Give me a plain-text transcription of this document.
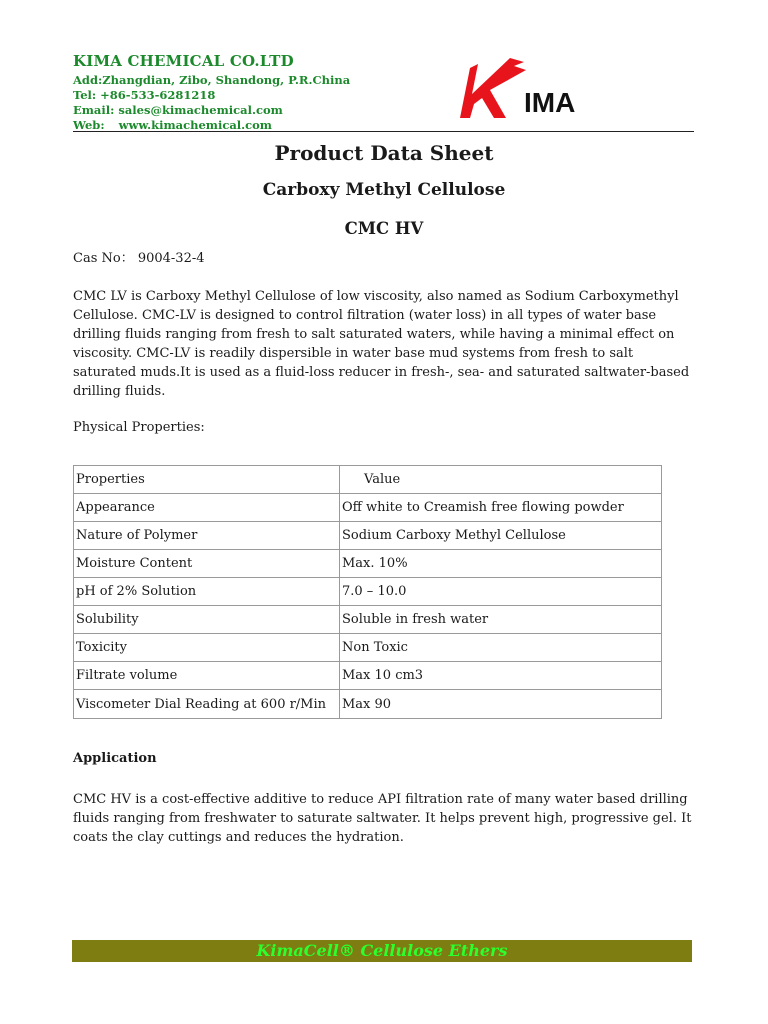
KIMA CHEMICAL CO.LTD
Add:Zhangdian, Zibo, Shandong, P.R.China
Tel: +86-533-6281218
Email: sales@kimachemical.com
Web: www.kimachemical.com
IMA
Product Data Sheet
Carboxy Methyl Cellulose
CMC HV
Cas No： 9004-32-4
CMC LV is Carboxy Methyl Cellulose of low viscosity, also named as Sodium Carboxymethyl Cellulose. CMC-LV is designed to control filtration (water loss) in all types of water base drilling fluids ranging from fresh to salt saturated waters, while having a minimal effect on viscosity. CMC-LV is readily dispersible in water base mud systems from fresh to salt saturated muds.It is used as a fluid-loss reducer in fresh-, sea- and saturated saltwater-based drilling fluids.
Physical Properties:
Properties	Value
Appearance	Off white to Creamish free flowing powder
Nature of Polymer	Sodium Carboxy Methyl Cellulose
Moisture Content	Max. 10%
pH of 2% Solution	7.0 – 10.0
Solubility	Soluble in fresh water
Toxicity	Non Toxic
Filtrate volume	Max 10 cm3
Viscometer Dial Reading at 600 r/Min	Max 90
Application
CMC HV is a cost-effective additive to reduce API filtration rate of many water based drilling fluids ranging from freshwater to saturate saltwater. It helps prevent high, progressive gel. It coats the clay cuttings and reduces the hydration.
KimaCell® Cellulose Ethers
